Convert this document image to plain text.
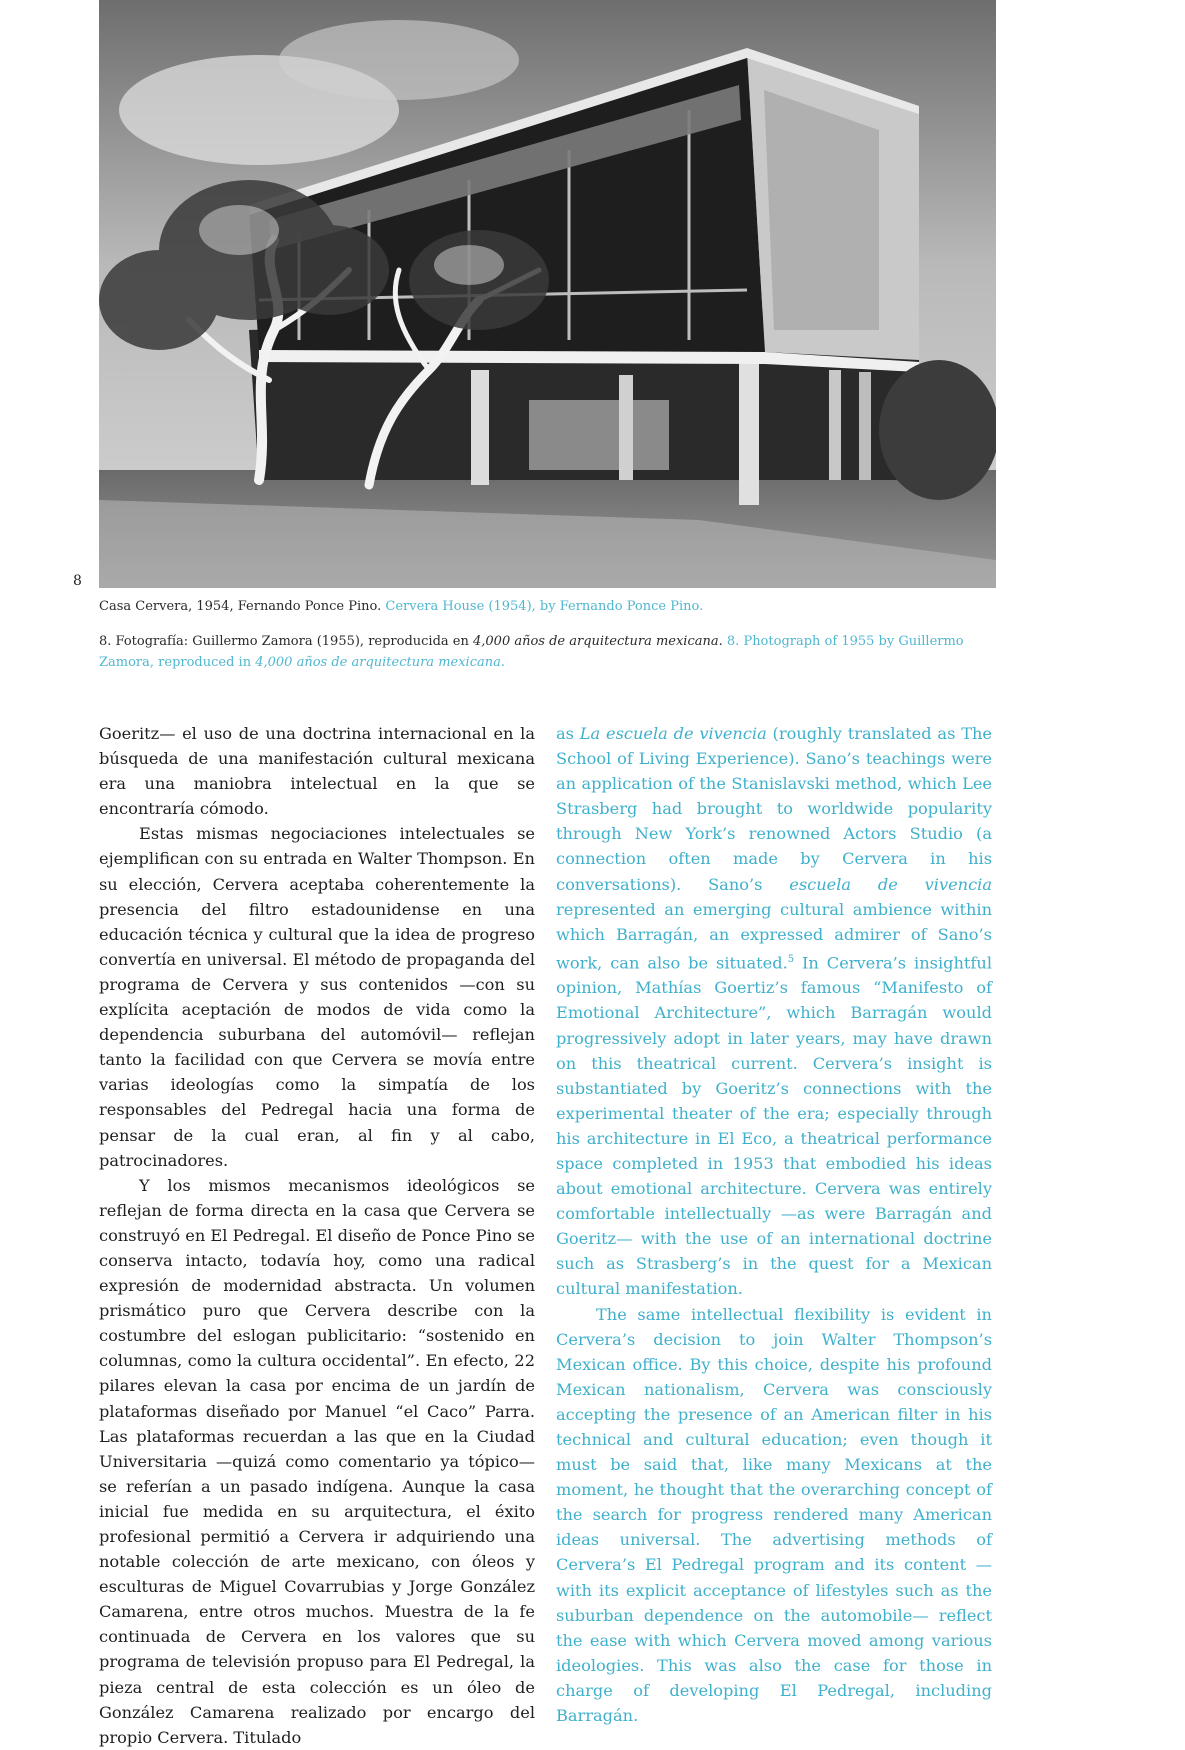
8
Casa Cervera, 1954, Fernando Ponce Pino. Cervera House (1954), by Fernando Ponce Pino.
8. Fotografía: Guillermo Zamora (1955), reproducida en 4,000 años de arquitectura mexicana. 8. Photograph of 1955 by Guillermo Zamora, reproduced in 4,000 años de arquitectura mexicana.

Goeritz— el uso de una doctrina internacional en la búsqueda de una manifestación cultural mexicana era una maniobra intelectual en la que se encontraría cómodo.

Estas mismas negociaciones intelectuales se ejemplifican con su entrada en Walter Thompson. En su elección, Cervera aceptaba coherentemente la presencia del filtro estadounidense en una educación técnica y cultural que la idea de progreso convertía en universal. El método de propaganda del programa de Cervera y sus contenidos —con su explícita aceptación de modos de vida como la dependencia suburbana del automóvil— reflejan tanto la facilidad con que Cervera se movía entre varias ideologías como la simpatía de los responsables del Pedregal hacia una forma de pensar de la cual eran, al fin y al cabo, patrocinadores.

Y los mismos mecanismos ideológicos se reflejan de forma directa en la casa que Cervera se construyó en El Pedregal. El diseño de Ponce Pino se conserva intacto, todavía hoy, como una radical expresión de modernidad abstracta. Un volumen prismático puro que Cervera describe con la costumbre del eslogan publicitario: “sostenido en columnas, como la cultura occidental”. En efecto, 22 pilares elevan la casa por encima de un jardín de plataformas diseñado por Manuel “el Caco” Parra. Las plataformas recuerdan a las que en la Ciudad Universitaria —quizá como comentario ya tópico— se referían a un pasado indígena. Aunque la casa inicial fue medida en su arquitectura, el éxito profesional permitió a Cervera ir adquiriendo una notable colección de arte mexicano, con óleos y esculturas de Miguel Covarrubias y Jorge González Camarena, entre otros muchos. Muestra de la fe continuada de Cervera en los valores que su programa de televisión propuso para El Pedregal, la pieza central de esta colección es un óleo de González Camarena realizado por encargo del propio Cervera. Titulado

as La escuela de vivencia (roughly translated as The School of Living Experience). Sano’s teachings were an application of the Stanislavski method, which Lee Strasberg had brought to worldwide popularity through New York’s renowned Actors Studio (a connection often made by Cervera in his conversations). Sano’s escuela de vivencia represented an emerging cultural ambience within which Barragán, an expressed admirer of Sano’s work, can also be situated.$^5$ In Cervera’s insightful opinion, Mathías Goertiz’s famous “Manifesto of Emotional Architecture”, which Barragán would progressively adopt in later years, may have drawn on this theatrical current. Cervera’s insight is substantiated by Goeritz’s connections with the experimental theater of the era; especially through his architecture in El Eco, a theatrical performance space completed in 1953 that embodied his ideas about emotional architecture. Cervera was entirely comfortable intellectually —as were Barragán and Goeritz— with the use of an international doctrine such as Strasberg’s in the quest for a Mexican cultural manifestation.

The same intellectual flexibility is evident in Cervera’s decision to join Walter Thompson’s Mexican office. By this choice, despite his profound Mexican nationalism, Cervera was consciously accepting the presence of an American filter in his technical and cultural education; even though it must be said that, like many Mexicans at the moment, he thought that the overarching concept of the search for progress rendered many American ideas universal. The advertising methods of Cervera’s El Pedregal program and its content —with its explicit acceptance of lifestyles such as the suburban dependence on the automobile— reflect the ease with which Cervera moved among various ideologies. This was also the case for those in charge of developing El Pedregal, including Barragán.
